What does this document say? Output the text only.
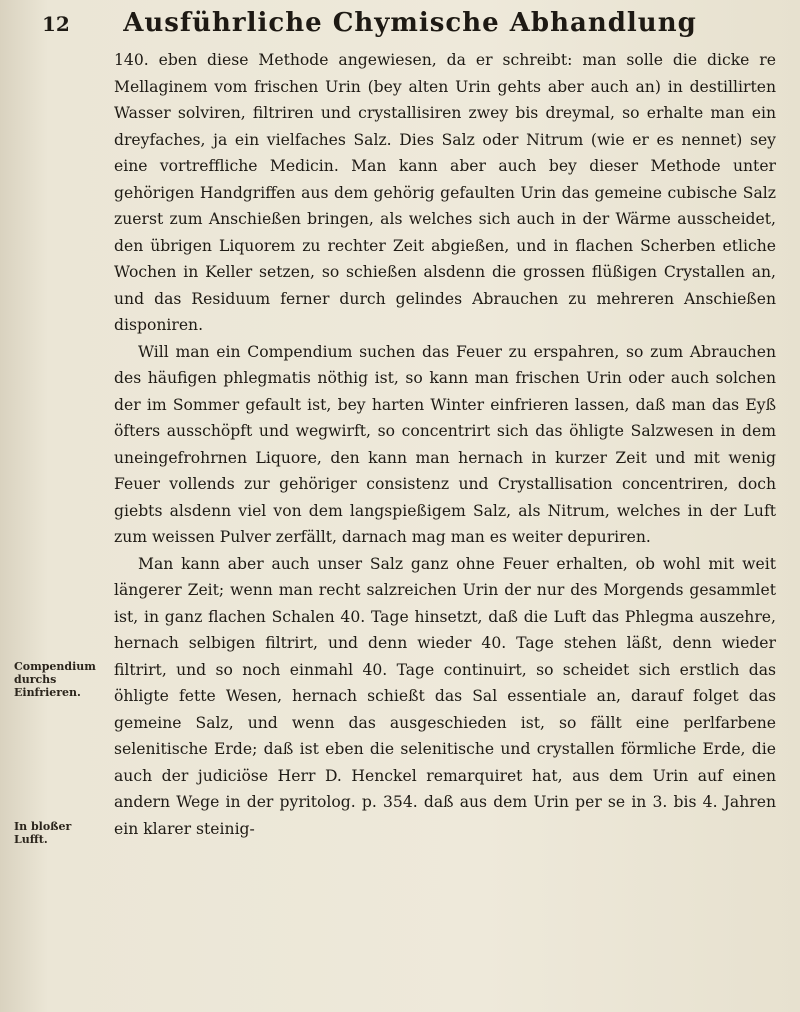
12	Ausführliche Chymische Abhandlung
Compendium durchs Einfrieren.
In bloßer Lufft.

140. eben diese Methode angewiesen, da er schreibt: man solle die dicke re Mellaginem vom frischen Urin (bey alten Urin gehts aber auch an) in destillirten Wasser solviren, filtriren und crystallisiren zwey bis dreymal, so erhalte man ein dreyfaches, ja ein vielfaches Salz. Dies Salz oder Nitrum (wie er es nennet) sey eine vortreffliche Medicin. Man kann aber auch bey dieser Methode unter gehörigen Handgriffen aus dem gehörig gefaulten Urin das gemeine cubische Salz zuerst zum Anschießen bringen, als welches sich auch in der Wärme ausscheidet, den übrigen Liquorem zu rechter Zeit abgießen, und in flachen Scherben etliche Wochen in Keller setzen, so schießen alsdenn die grossen flüßigen Crystallen an, und das Residuum ferner durch gelindes Abrauchen zu mehreren Anschießen disponiren.

Will man ein Compendium suchen das Feuer zu erspahren, so zum Abrauchen des häufigen phlegmatis nöthig ist, so kann man frischen Urin oder auch solchen der im Sommer gefault ist, bey harten Winter einfrieren lassen, daß man das Eyß öfters ausschöpft und wegwirft, so concentrirt sich das öhligte Salzwesen in dem uneingefrohrnen Liquore, den kann man hernach in kurzer Zeit und mit wenig Feuer vollends zur gehöriger consistenz und Crystallisation concentriren, doch giebts alsdenn viel von dem langspießigem Salz, als Nitrum, welches in der Luft zum weissen Pulver zerfällt, darnach mag man es weiter depuriren.

Man kann aber auch unser Salz ganz ohne Feuer erhalten, ob wohl mit weit längerer Zeit; wenn man recht salzreichen Urin der nur des Morgends gesammlet ist, in ganz flachen Schalen 40. Tage hinsetzt, daß die Luft das Phlegma auszehre, hernach selbigen filtrirt, und denn wieder 40. Tage stehen läßt, denn wieder filtrirt, und so noch einmahl 40. Tage continuirt, so scheidet sich erstlich das öhligte fette Wesen, hernach schießt das Sal essentiale an, darauf folget das gemeine Salz, und wenn das ausgeschieden ist, so fällt eine perlfarbene selenitische Erde; daß ist eben die selenitische und crystallen förmliche Erde, die auch der judiciöse Herr D. Henckel remarquiret hat, aus dem Urin auf einen andern Wege in der pyritolog. p. 354. daß aus dem Urin per se in 3. bis 4. Jahren ein klarer steinig-
